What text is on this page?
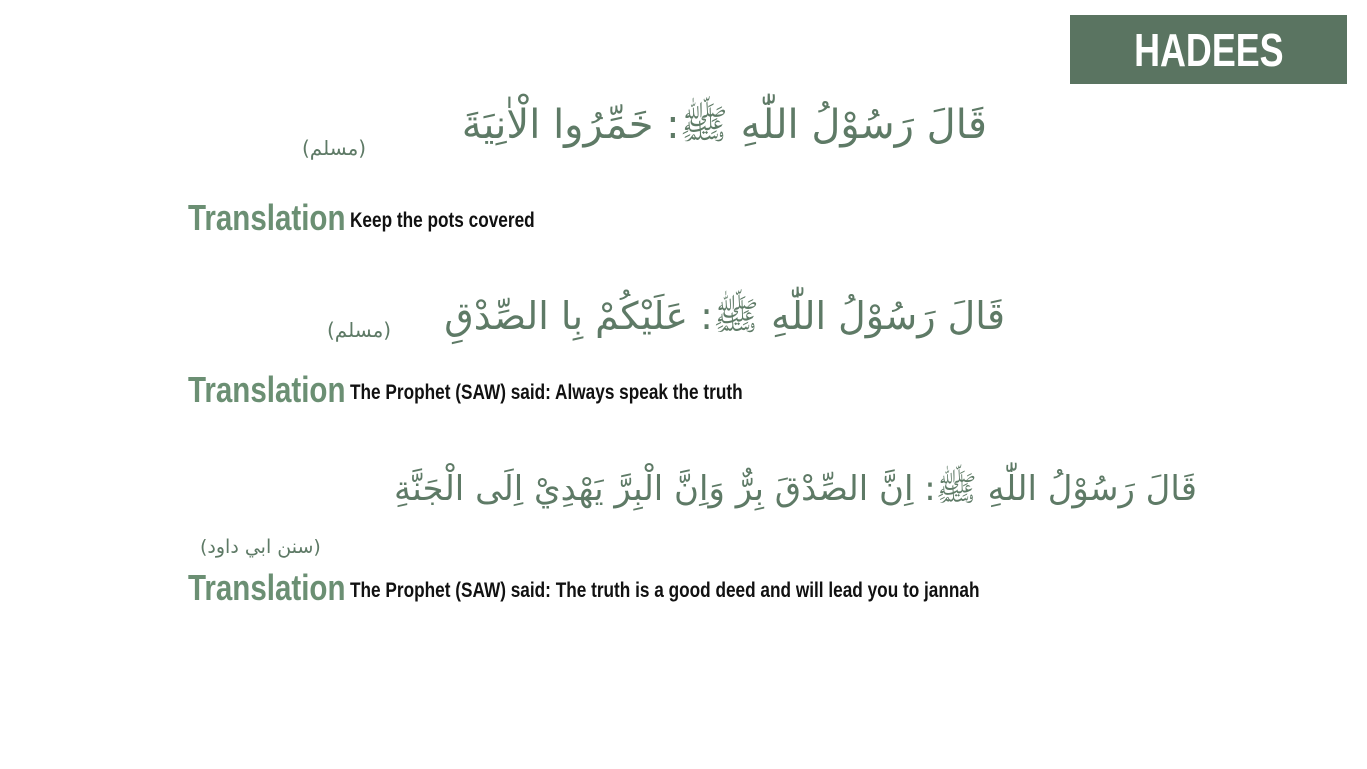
HADEES
قَالَ رَسُوْلُ اللّٰهِ ﷺ: خَمِّرُوا الْاٰنِيَةَ
(مسلم)
Translation Keep the pots covered
قَالَ رَسُوْلُ اللّٰهِ ﷺ: عَلَيْكُمْ بِا الصِّدْقِ
(مسلم)
Translation The Prophet (SAW) said: Always speak the truth
قَالَ رَسُوْلُ اللّٰهِ ﷺ: اِنَّ الصِّدْقَ بِرٌّ وَاِنَّ الْبِرَّ يَهْدِيْ اِلَى الْجَنَّةِ
(سنن ابي داود)
Translation The Prophet (SAW) said: The truth is a good deed and will lead you to jannah
